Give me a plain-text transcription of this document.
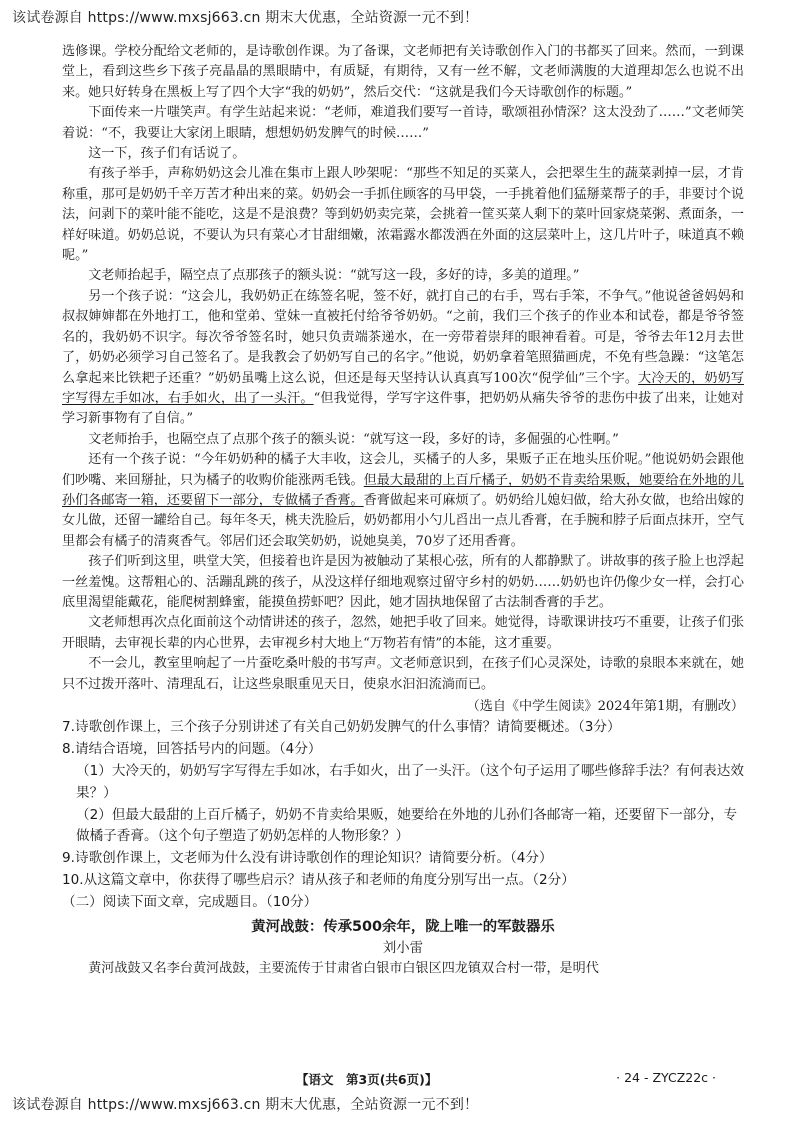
该试卷源自 https://www.mxsj663.cn 期末大优惠，全站资源一元不到！

选修课。学校分配给文老师的，是诗歌创作课。为了备课，文老师把有关诗歌创作入门的书都买了回来。然而，一到课堂上，看到这些乡下孩子亮晶晶的黑眼睛中，有质疑，有期待，又有一丝不解，文老师满腹的大道理却怎么也说不出来。她只好转身在黑板上写了四个大字“我的奶奶”，然后交代：“这就是我们今天诗歌创作的标题。”

下面传来一片嗤笑声。有学生站起来说：“老师，难道我们要写一首诗，歌颂祖孙情深？这太没劲了……”文老师笑着说：“不，我要让大家闭上眼睛，想想奶奶发脾气的时候……”

这一下，孩子们有话说了。

有孩子举手，声称奶奶这会儿准在集市上跟人吵架呢：“那些不知足的买菜人，会把翠生生的蔬菜剥掉一层，才肯称重，那可是奶奶千辛万苦才种出来的菜。奶奶会一手抓住顾客的马甲袋，一手挑着他们猛掰菜帮子的手，非要讨个说法，问剥下的菜叶能不能吃，这是不是浪费？等到奶奶卖完菜，会挑着一筐买菜人剩下的菜叶回家烧菜粥、煮面条，一样好味道。奶奶总说，不要认为只有菜心才甘甜细嫩，浓霜露水都泼洒在外面的这层菜叶上，这几片叶子，味道真不赖呢。”

文老师抬起手，隔空点了点那孩子的额头说：“就写这一段，多好的诗，多美的道理。”

另一个孩子说：“这会儿，我奶奶正在练签名呢，签不好，就打自己的右手，骂右手笨，不争气。”他说爸爸妈妈和叔叔婶婶都在外地打工，他和堂弟、堂妹一直被托付给爷爷奶奶。“之前，我们三个孩子的作业本和试卷，都是爷爷签名的，我奶奶不识字。每次爷爷签名时，她只负责端茶递水，在一旁带着崇拜的眼神看着。可是，爷爷去年12月去世了，奶奶必须学习自己签名了。是我教会了奶奶写自己的名字。”他说，奶奶拿着笔照猫画虎，不免有些急躁：“这笔怎么拿起来比铁耙子还重？”奶奶虽嘴上这么说，但还是每天坚持认认真真写100次“倪学仙”三个字。大冷天的，奶奶写字写得左手如冰，右手如火，出了一头汗。“但我觉得，学写字这件事，把奶奶从痛失爷爷的悲伤中拔了出来，让她对学习新事物有了自信。”

文老师抬手，也隔空点了点那个孩子的额头说：“就写这一段，多好的诗，多倔强的心性啊。”

还有一个孩子说：“今年奶奶种的橘子大丰收，这会儿，买橘子的人多，果贩子正在地头压价呢。”他说奶奶会跟他们吵嘴、来回掰扯，只为橘子的收购价能涨两毛钱。但最大最甜的上百斤橘子，奶奶不肯卖给果贩，她要给在外地的儿孙们各邮寄一箱，还要留下一部分，专做橘子香膏。香膏做起来可麻烦了。奶奶给儿媳妇做，给大孙女做，也给出嫁的女儿做，还留一罐给自己。每年冬天，桃夫洗脸后，奶奶都用小勺儿舀出一点儿香膏，在手腕和脖子后面点抹开，空气里都会有橘子的清爽香气。邻居们还会取笑奶奶，说她臭美，70岁了还用香膏。

孩子们听到这里，哄堂大笑，但接着也许是因为被触动了某根心弦，所有的人都静默了。讲故事的孩子脸上也浮起一丝羞愧。这帮粗心的、活蹦乱跳的孩子，从没这样仔细地观察过留守乡村的奶奶……奶奶也许仍像少女一样，会打心底里渴望能戴花，能爬树割蜂蜜，能摸鱼捞虾吧？因此，她才固执地保留了古法制香膏的手艺。

文老师想再次点化面前这个动情讲述的孩子，忽然，她把手收了回来。她觉得，诗歌课讲技巧不重要，让孩子们张开眼睛，去审视长辈的内心世界，去审视乡村大地上“万物若有情”的本能，这才重要。

不一会儿，教室里响起了一片蚕吃桑叶般的书写声。文老师意识到，在孩子们心灵深处，诗歌的泉眼本来就在，她只不过拨开落叶、清理乱石，让这些泉眼重见天日，使泉水汩汩流淌而已。

（选自《中学生阅读》2024年第1期，有删改）

7.诗歌创作课上，三个孩子分别讲述了有关自己奶奶发脾气的什么事情？请简要概述。（3分）

8.请结合语境，回答括号内的问题。（4分）

（1）大冷天的，奶奶写字写得左手如冰，右手如火，出了一头汗。（这个句子运用了哪些修辞手法？有何表达效果？）

（2）但最大最甜的上百斤橘子，奶奶不肯卖给果贩，她要给在外地的儿孙们各邮寄一箱，还要留下一部分，专做橘子香膏。（这个句子塑造了奶奶怎样的人物形象？）

9.诗歌创作课上，文老师为什么没有讲诗歌创作的理论知识？请简要分析。（4分）

10.从这篇文章中，你获得了哪些启示？请从孩子和老师的角度分别写出一点。（2分）

（二）阅读下面文章，完成题目。（10分）

黄河战鼓：传承500余年，陇上唯一的军鼓器乐

刘小雷

黄河战鼓又名李台黄河战鼓，主要流传于甘肃省白银市白银区四龙镇双合村一带，是明代

【语文　第3页(共6页)】	· 24 - ZYCZ22c ·
该试卷源自 https://www.mxsj663.cn 期末大优惠，全站资源一元不到！
